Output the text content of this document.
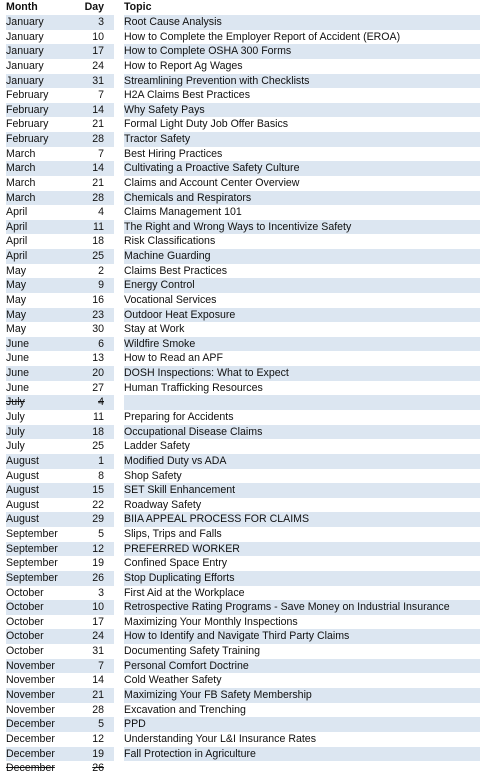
Month	Day Topic
January	3 Root Cause Analysis
January	10 How to Complete the Employer Report of Accident (EROA)
January	17 How to Complete OSHA 300 Forms
January	24 How to Report Ag Wages
January	31 Streamlining Prevention with Checklists
February	7 H2A Claims Best Practices
February	14 Why Safety Pays
February	21 Formal Light Duty Job Offer Basics
February	28 Tractor Safety
March	7 Best Hiring Practices
March	14 Cultivating a Proactive Safety Culture
March	21 Claims and Account Center Overview
March	28 Chemicals and Respirators
April	4 Claims Management 101
April	11 The Right and Wrong Ways to Incentivize Safety
April	18 Risk Classifications
April	25 Machine Guarding
May	2 Claims Best Practices
May	9 Energy Control
May	16 Vocational Services
May	23 Outdoor Heat Exposure
May	30 Stay at Work
June	6 Wildfire Smoke
June	13 How to Read an APF
June	20 DOSH Inspections: What to Expect
June	27 Human Trafficking Resources
July	4
July	11 Preparing for Accidents
July	18 Occupational Disease Claims
July	25 Ladder Safety
August	1 Modified Duty vs ADA
August	8 Shop Safety
August	15 SET Skill Enhancement
August	22 Roadway Safety
August	29 BIIA APPEAL PROCESS FOR CLAIMS
September	5 Slips, Trips and Falls
September	12 PREFERRED WORKER
September	19 Confined Space Entry
September	26 Stop Duplicating Efforts
October	3 First Aid at the Workplace
October	10 Retrospective Rating Programs - Save Money on Industrial Insurance
October	17 Maximizing Your Monthly Inspections
October	24 How to Identify and Navigate Third Party Claims
October	31 Documenting Safety Training
November	7 Personal Comfort Doctrine
November	14 Cold Weather Safety
November	21 Maximizing Your FB Safety Membership
November	28 Excavation and Trenching
December	5 PPD
December	12 Understanding Your L&I Insurance Rates
December	19 Fall Protection in Agriculture
December	26
